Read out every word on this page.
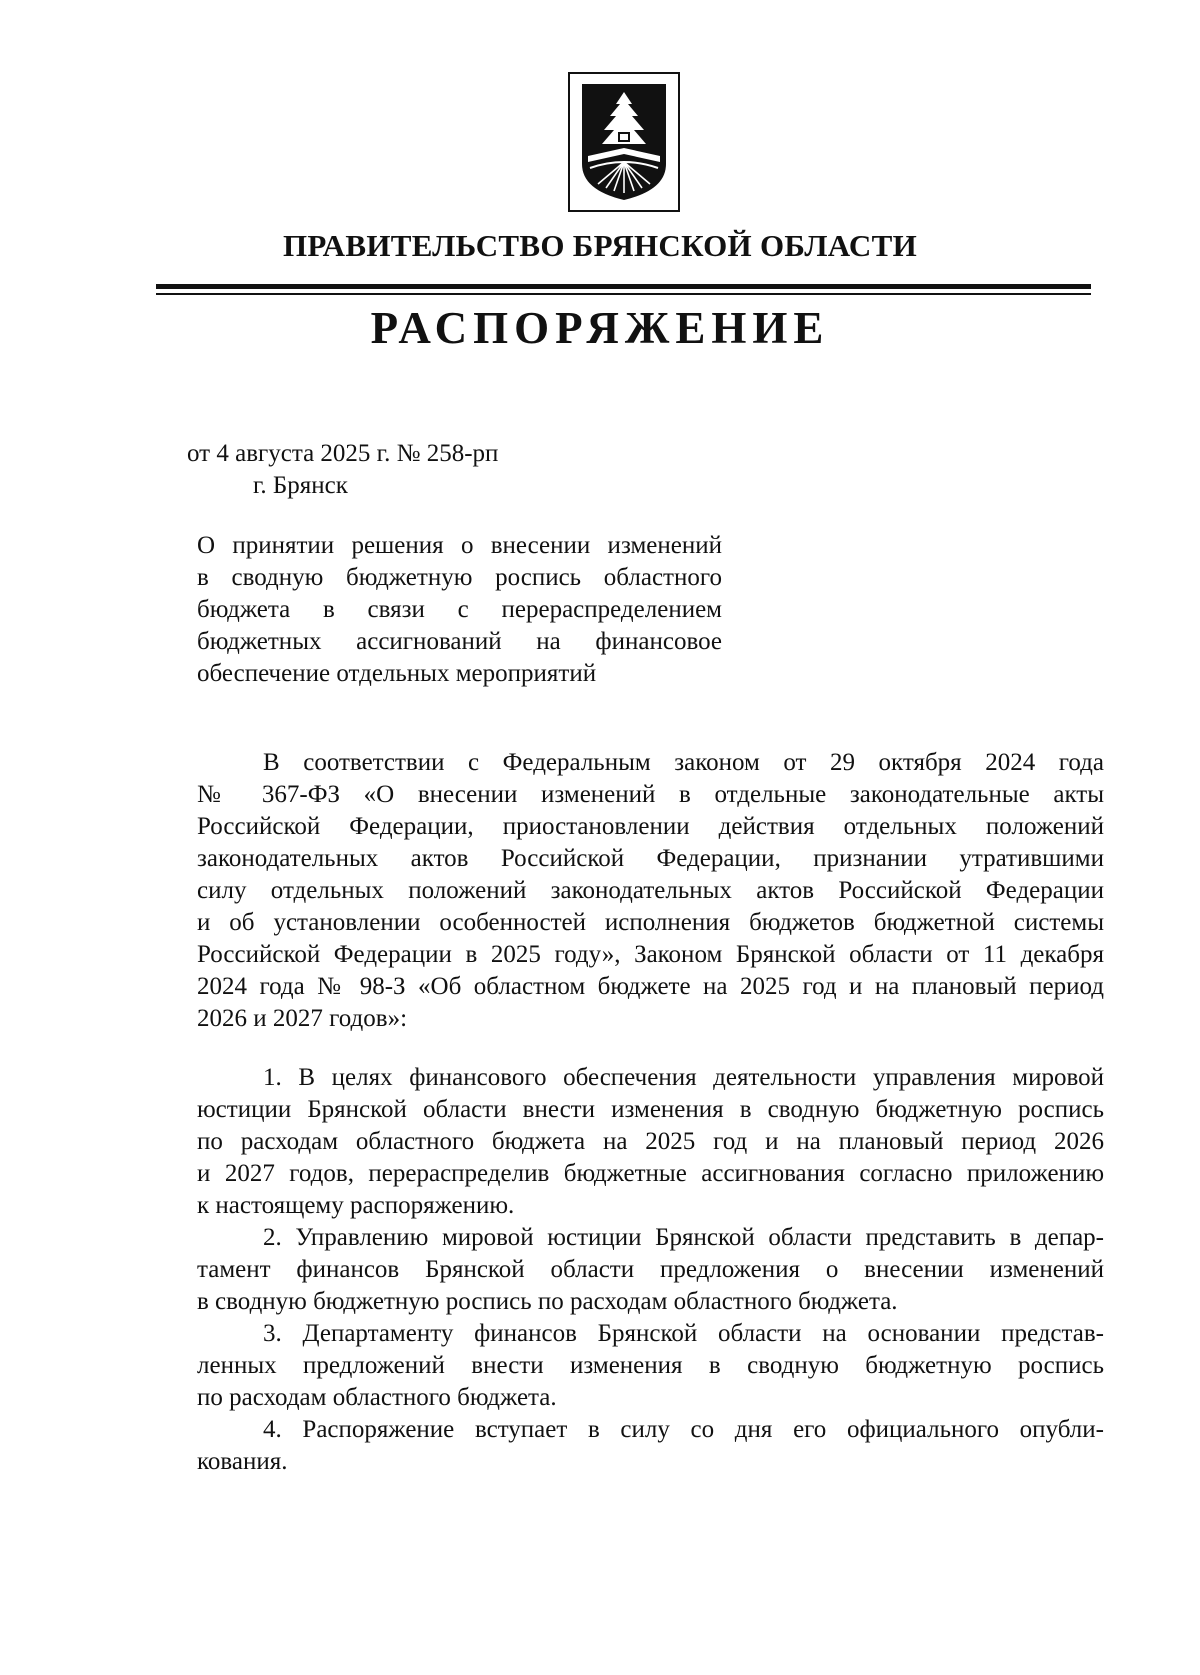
ПРАВИТЕЛЬСТВО БРЯНСКОЙ ОБЛАСТИ
РАСПОРЯЖЕНИЕ

от 4 августа 2025 г. № 258-рп

г. Брянск

О принятии решения о внесении изменений
в сводную бюджетную роспись областного
бюджета в связи с перераспределением
бюджетных ассигнований на финансовое
обеспечение отдельных мероприятий
В соответствии с Федеральным законом от 29 октября 2024 года
№ 367-ФЗ «О внесении изменений в отдельные законодательные акты
Российской Федерации, приостановлении действия отдельных положений
законодательных актов Российской Федерации, признании утратившими
силу отдельных положений законодательных актов Российской Федерации
и об установлении особенностей исполнения бюджетов бюджетной системы
Российской Федерации в 2025 году», Законом Брянской области от 11 декабря
2024 года № 98-З «Об областном бюджете на 2025 год и на плановый период
2026 и 2027 годов»:
1. В целях финансового обеспечения деятельности управления мировой
юстиции Брянской области внести изменения в сводную бюджетную роспись
по расходам областного бюджета на 2025 год и на плановый период 2026
и 2027 годов, перераспределив бюджетные ассигнования согласно приложению
к настоящему распоряжению.
2. Управлению мировой юстиции Брянской области представить в депар-
тамент финансов Брянской области предложения о внесении изменений
в сводную бюджетную роспись по расходам областного бюджета.
3. Департаменту финансов Брянской области на основании представ-
ленных предложений внести изменения в сводную бюджетную роспись
по расходам областного бюджета.
4. Распоряжение вступает в силу со дня его официального опубли-
кования.
